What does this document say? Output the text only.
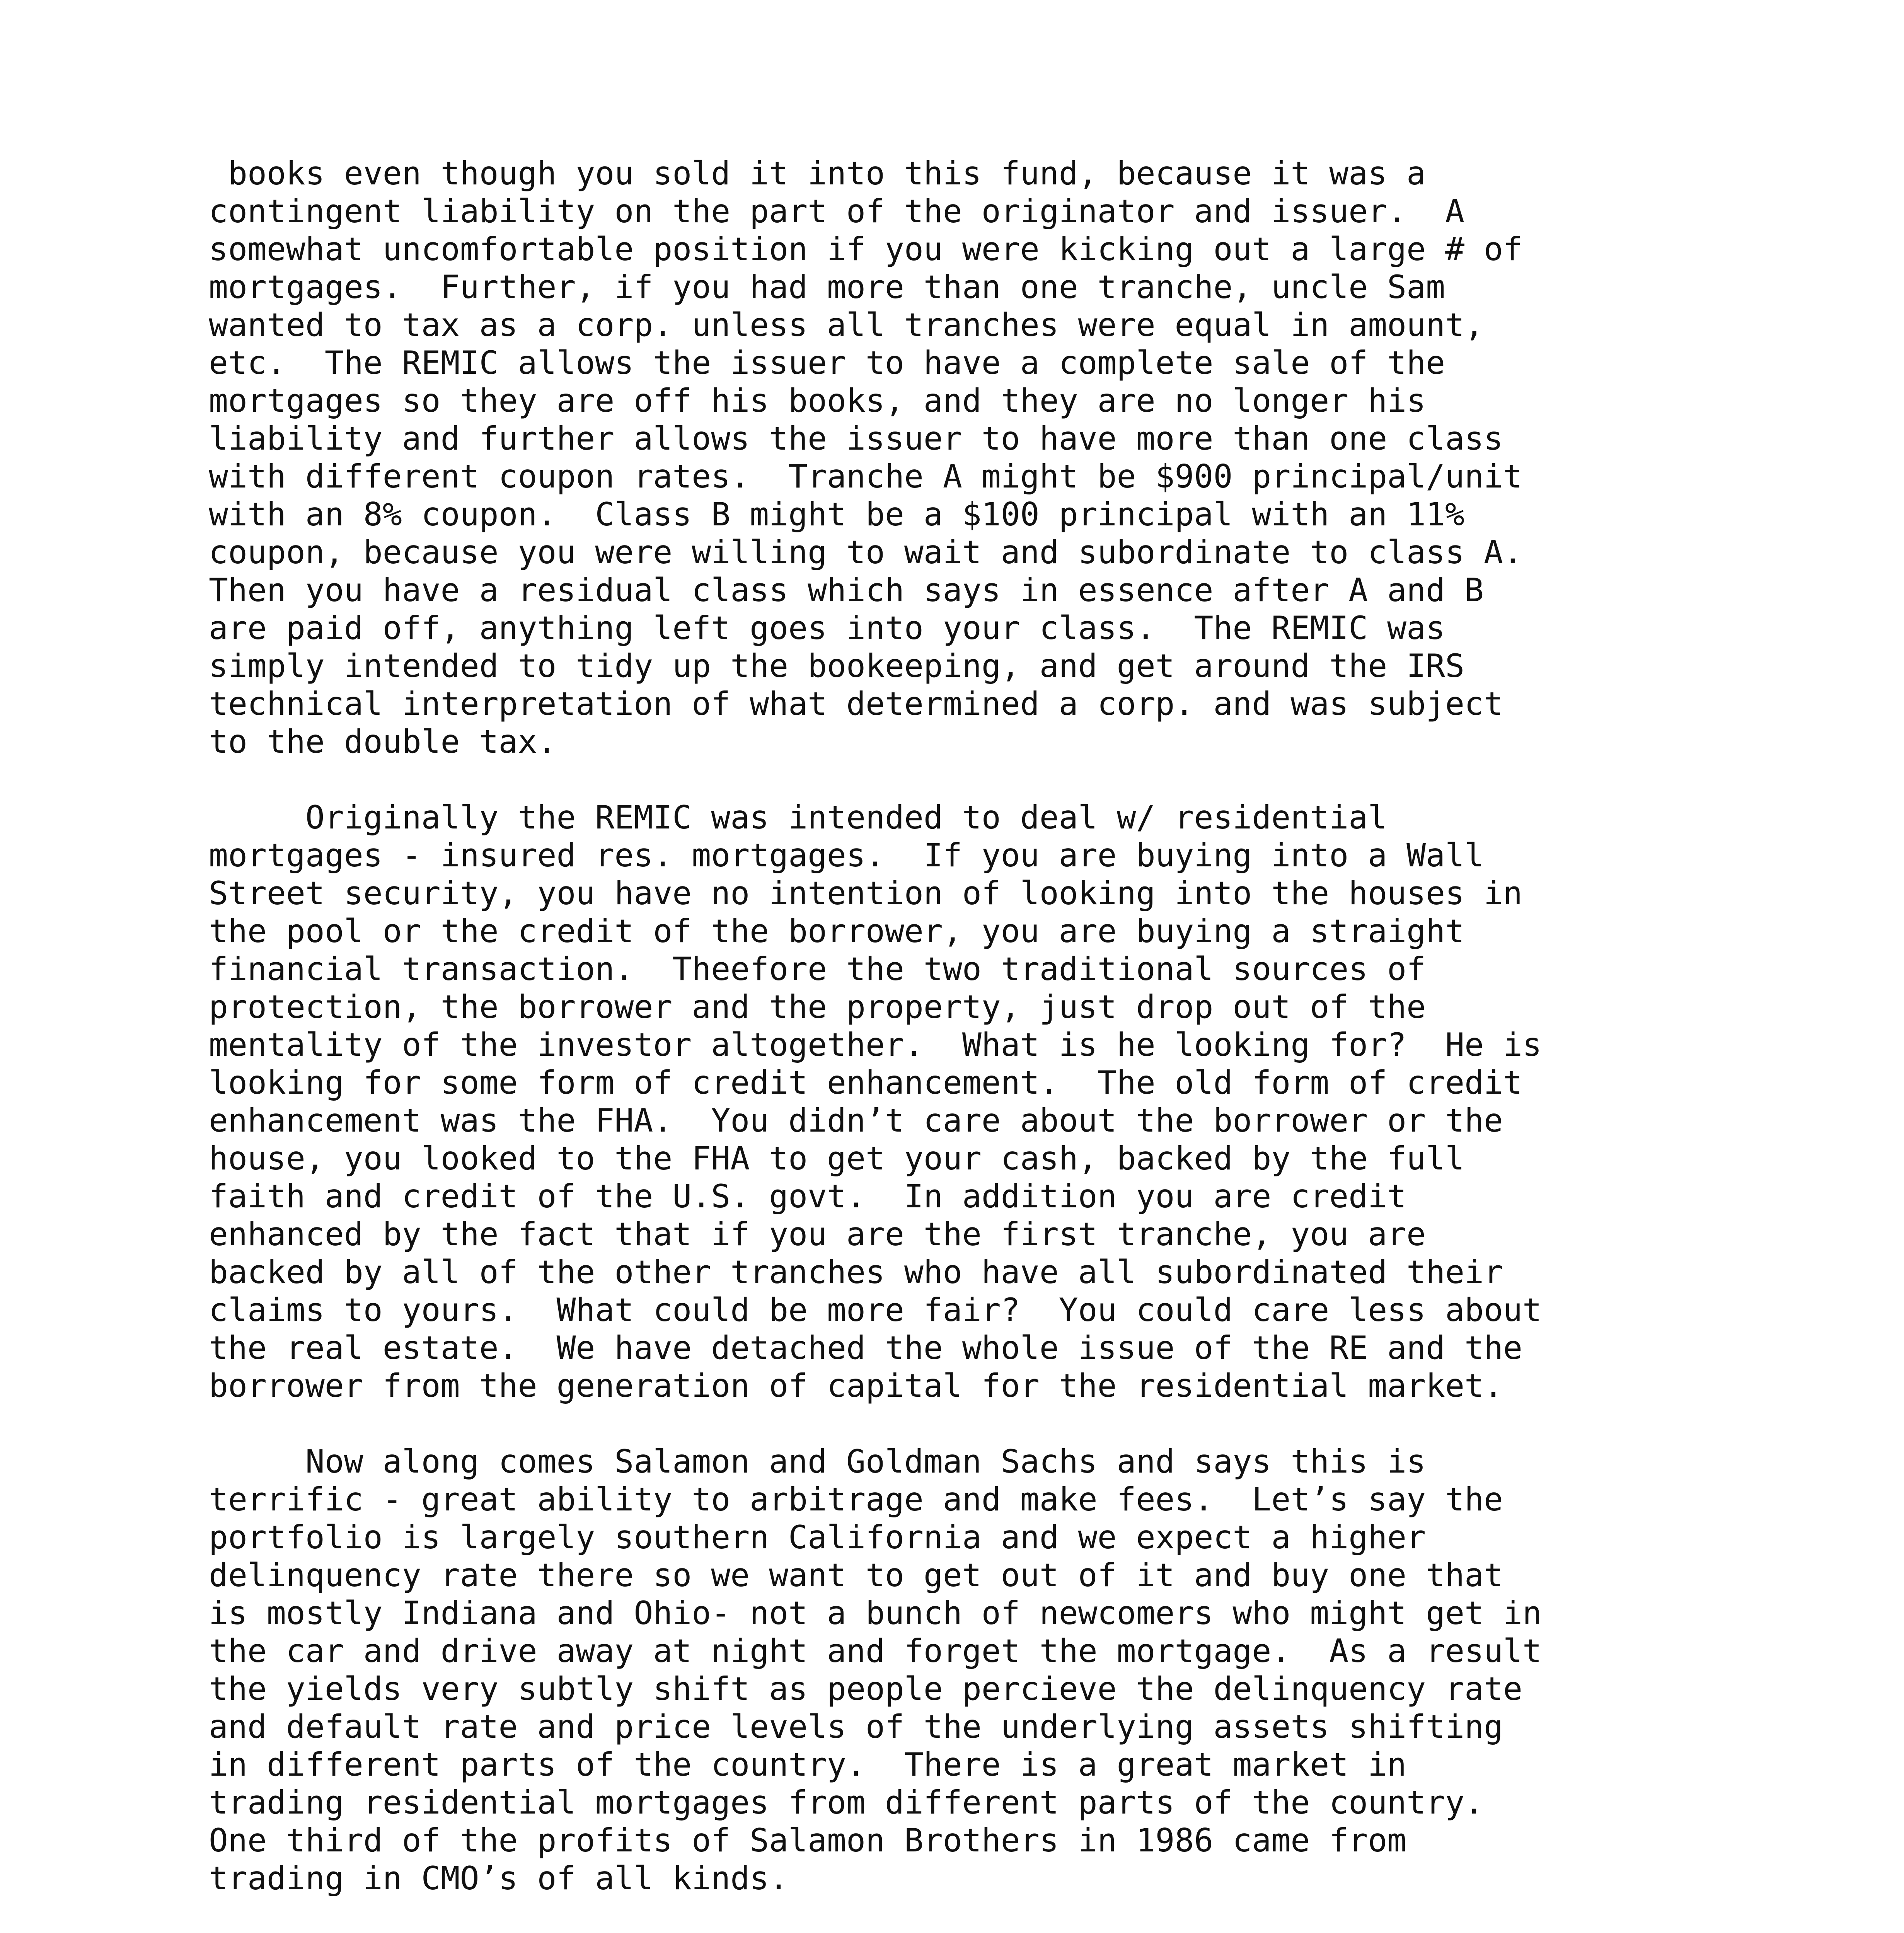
books even though you sold it into this fund, because it was a
contingent liability on the part of the originator and issuer.  A
somewhat uncomfortable position if you were kicking out a large # of
mortgages.  Further, if you had more than one tranche, uncle Sam
wanted to tax as a corp. unless all tranches were equal in amount,
etc.  The REMIC allows the issuer to have a complete sale of the
mortgages so they are off his books, and they are no longer his
liability and further allows the issuer to have more than one class
with different coupon rates.  Tranche A might be $900 principal/unit
with an 8% coupon.  Class B might be a $100 principal with an 11%
coupon, because you were willing to wait and subordinate to class A.
Then you have a residual class which says in essence after A and B
are paid off, anything left goes into your class.  The REMIC was
simply intended to tidy up the bookeeping, and get around the IRS
technical interpretation of what determined a corp. and was subject
to the double tax.
Originally the REMIC was intended to deal w/ residential
mortgages - insured res. mortgages.  If you are buying into a Wall
Street security, you have no intention of looking into the houses in
the pool or the credit of the borrower, you are buying a straight
financial transaction.  Theefore the two traditional sources of
protection, the borrower and the property, just drop out of the
mentality of the investor altogether.  What is he looking for?  He is
looking for some form of credit enhancement.  The old form of credit
enhancement was the FHA.  You didn’t care about the borrower or the
house, you looked to the FHA to get your cash, backed by the full
faith and credit of the U.S. govt.  In addition you are credit
enhanced by the fact that if you are the first tranche, you are
backed by all of the other tranches who have all subordinated their
claims to yours.  What could be more fair?  You could care less about
the real estate.  We have detached the whole issue of the RE and the
borrower from the generation of capital for the residential market.
Now along comes Salamon and Goldman Sachs and says this is
terrific - great ability to arbitrage and make fees.  Let’s say the
portfolio is largely southern California and we expect a higher
delinquency rate there so we want to get out of it and buy one that
is mostly Indiana and Ohio- not a bunch of newcomers who might get in
the car and drive away at night and forget the mortgage.  As a result
the yields very subtly shift as people percieve the delinquency rate
and default rate and price levels of the underlying assets shifting
in different parts of the country.  There is a great market in
trading residential mortgages from different parts of the country.
One third of the profits of Salamon Brothers in 1986 came from
trading in CMO’s of all kinds.
